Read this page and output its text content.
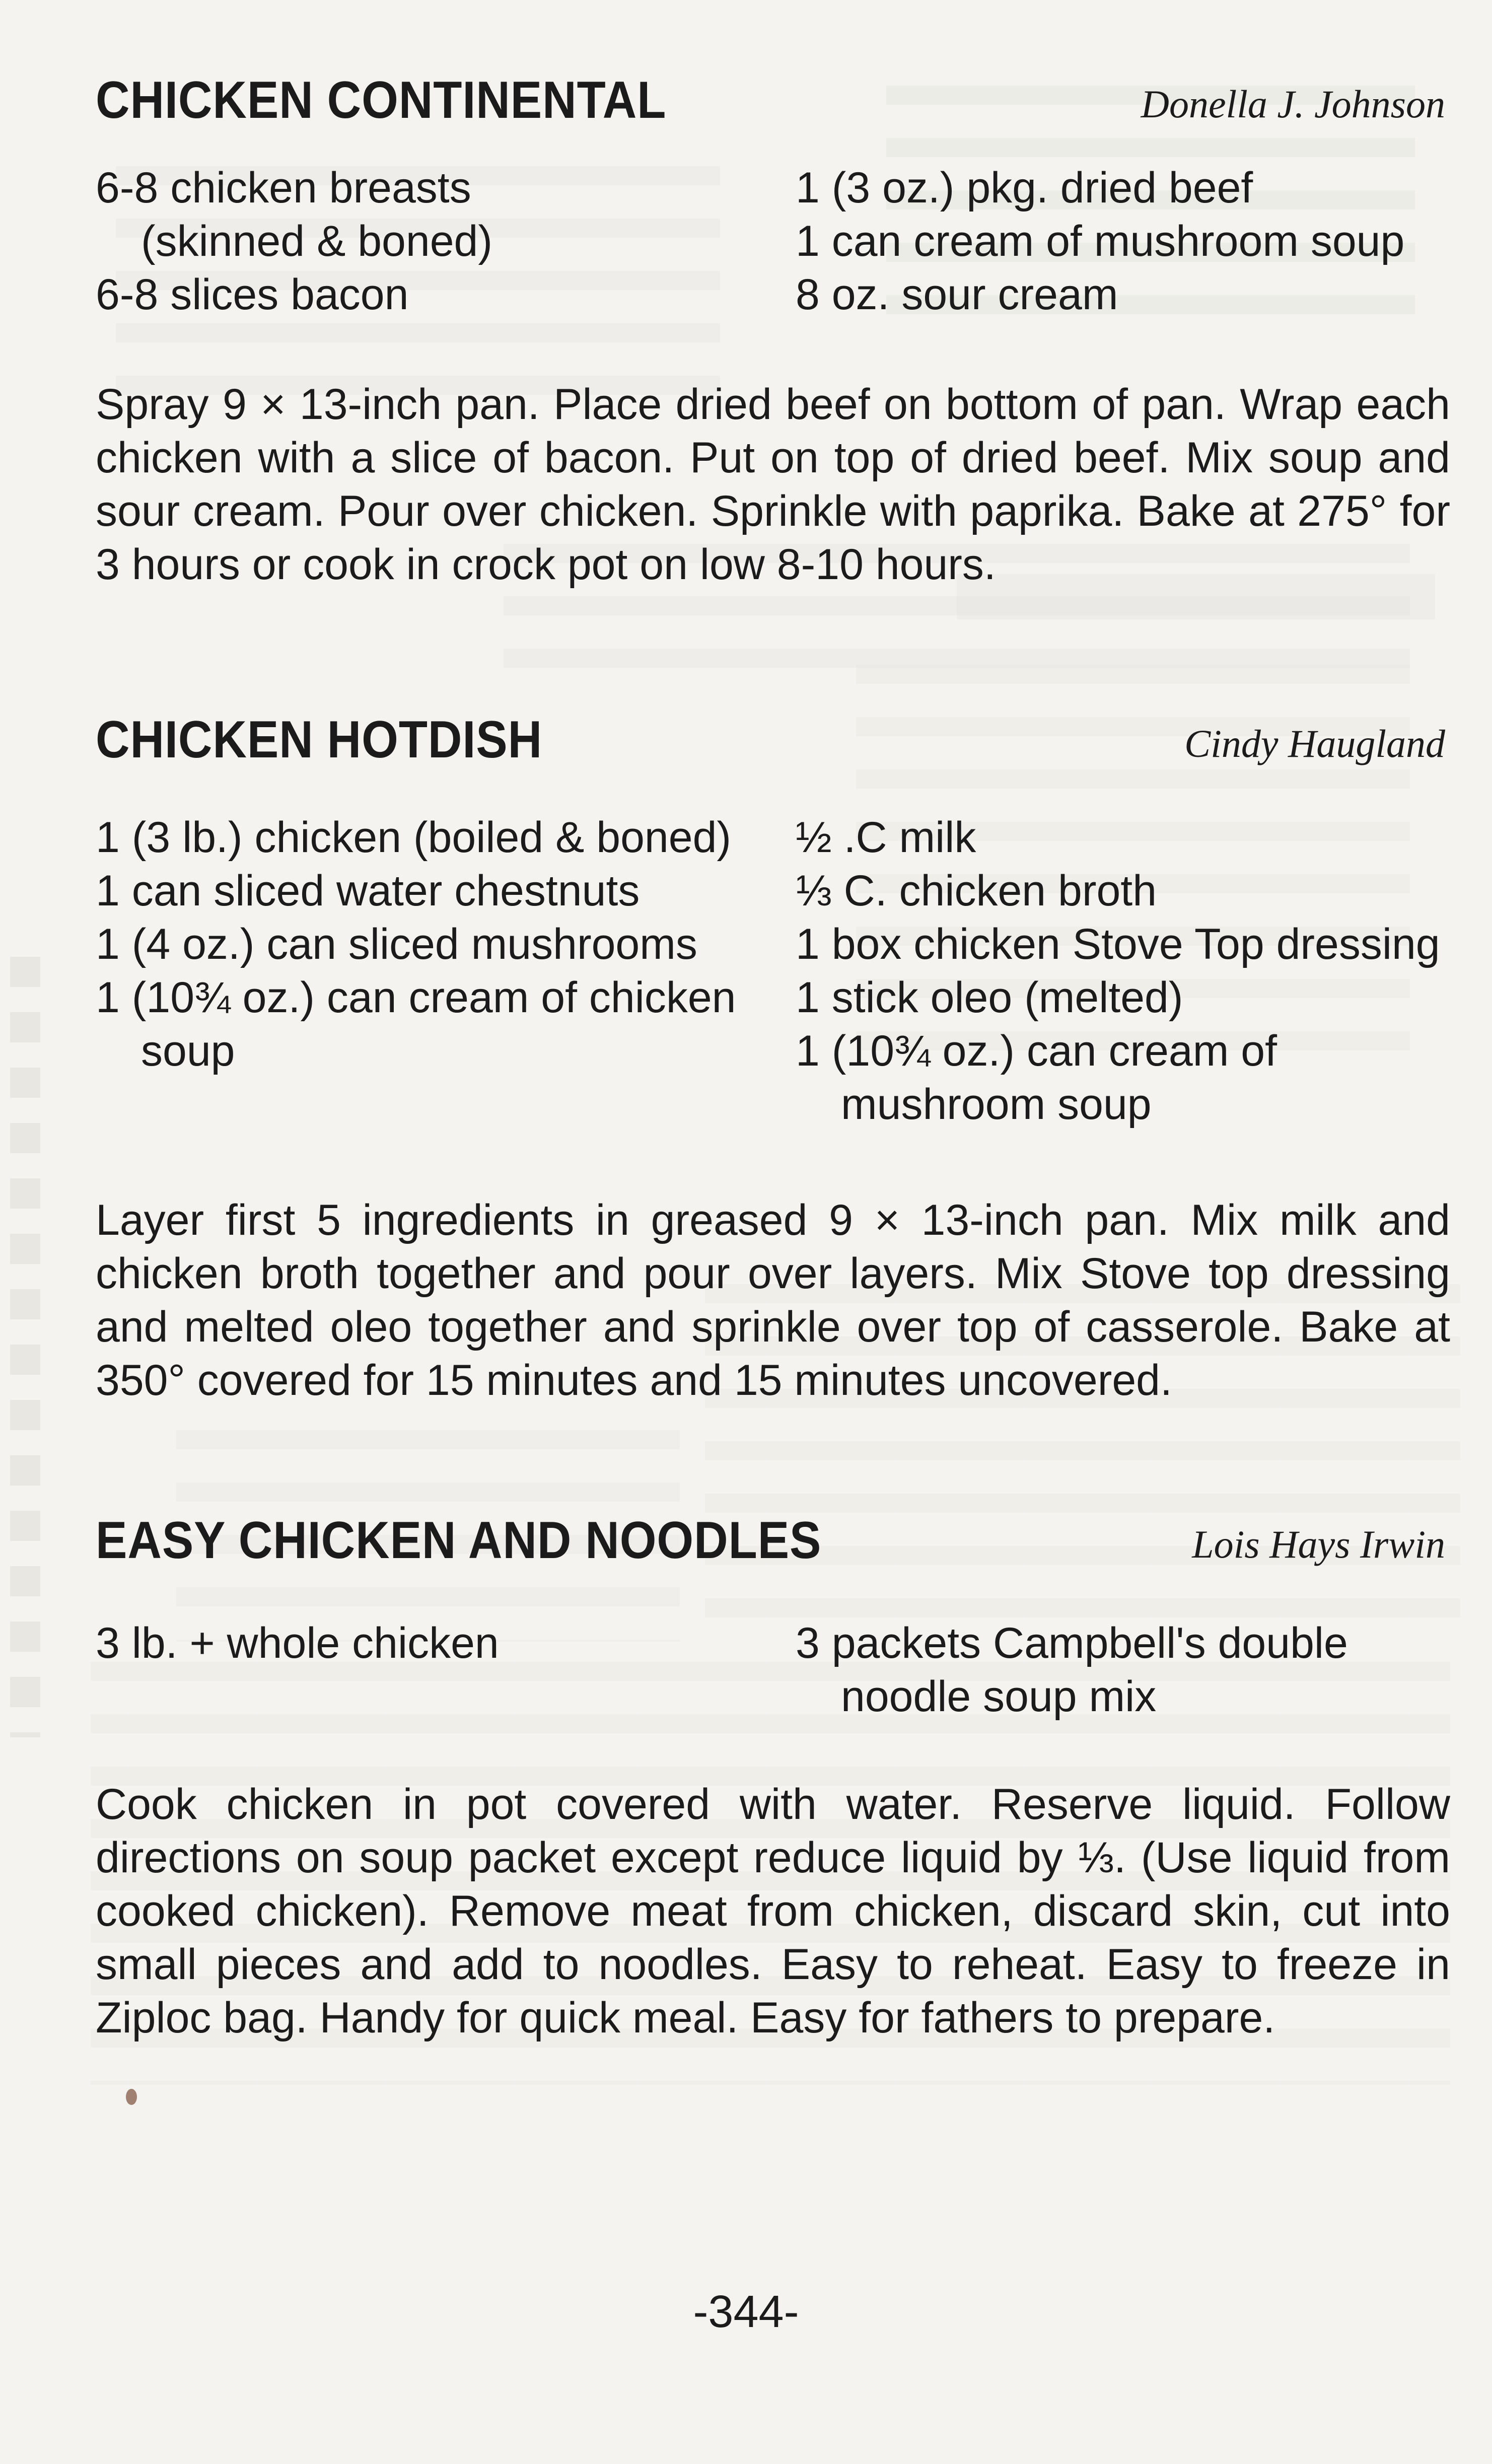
CHICKEN CONTINENTAL	Donella J. Johnson
6-8 chicken breasts
(skinned & boned)
6-8 slices bacon
1 (3 oz.) pkg. dried beef
1 can cream of mushroom soup
8 oz. sour cream
Spray 9 × 13-inch pan. Place dried beef on bottom of pan. Wrap each chicken with a slice of bacon. Put on top of dried beef. Mix soup and sour cream. Pour over chicken. Sprinkle with paprika. Bake at 275° for 3 hours or cook in crock pot on low 8-10 hours.
CHICKEN HOTDISH	Cindy Haugland
1 (3 lb.) chicken (boiled & boned)
1 can sliced water chestnuts
1 (4 oz.) can sliced mushrooms
1 (10¾ oz.) can cream of chicken
soup
½ .C milk
⅓ C. chicken broth
1 box chicken Stove Top dressing
1 stick oleo (melted)
1 (10¾ oz.) can cream of
mushroom soup
Layer first 5 ingredients in greased 9 × 13-inch pan. Mix milk and chicken broth together and pour over layers. Mix Stove top dressing and melted oleo together and sprinkle over top of casserole. Bake at 350° covered for 15 minutes and 15 minutes uncovered.
EASY CHICKEN AND NOODLES	Lois Hays Irwin
3 lb. + whole chicken	3 packets Campbell's double
noodle soup mix
Cook chicken in pot covered with water. Reserve liquid. Follow directions on soup packet except reduce liquid by ⅓. (Use liquid from cooked chicken). Remove meat from chicken, discard skin, cut into small pieces and add to noodles. Easy to reheat. Easy to freeze in Ziploc bag. Handy for quick meal. Easy for fathers to prepare.
-344-
